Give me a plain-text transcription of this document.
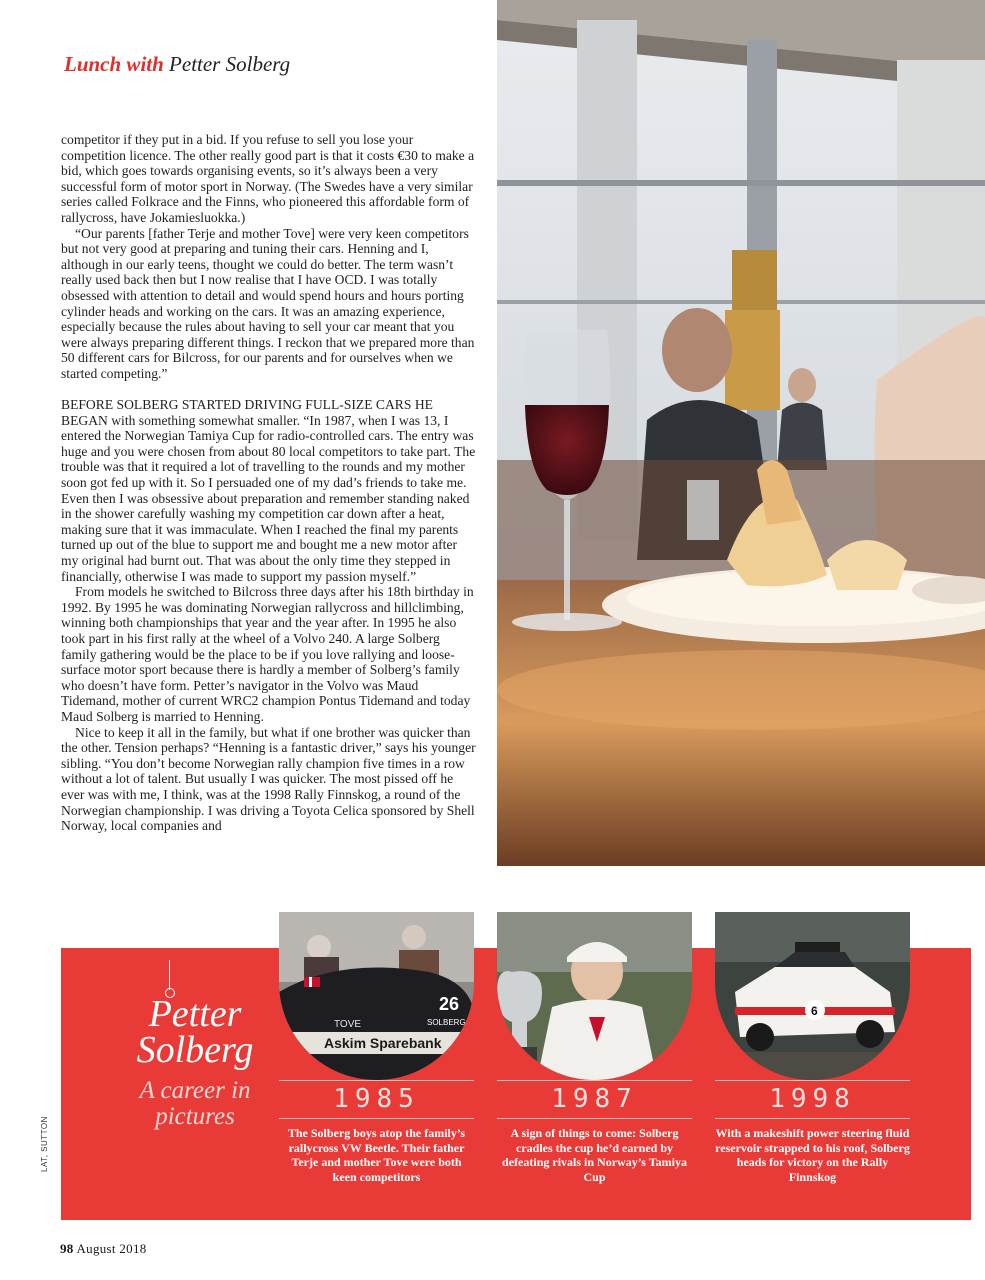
Lunch with Petter Solberg

competitor if they put in a bid. If you refuse to sell you lose your competition licence. The other really good part is that it costs €30 to make a bid, which goes towards organising events, so it’s always been a very successful form of motor sport in Norway. (The Swedes have a very similar series called Folkrace and the Finns, who pioneered this affordable form of rallycross, have Jokamiesluokka.)

“Our parents [father Terje and mother Tove] were very keen competitors but not very good at preparing and tuning their cars. Henning and I, although in our early teens, thought we could do better. The term wasn’t really used back then but I now realise that I have OCD. I was totally obsessed with attention to detail and would spend hours and hours porting cylinder heads and working on the cars. It was an amazing experience, especially because the rules about having to sell your car meant that you were always preparing different things. I reckon that we prepared more than 50 different cars for Bilcross, for our parents and for ourselves when we started competing.”

BEFORE SOLBERG STARTED DRIVING FULL-SIZE CARS HE BEGAN with something somewhat smaller. “In 1987, when I was 13, I entered the Norwegian Tamiya Cup for radio-controlled cars. The entry was huge and you were chosen from about 80 local competitors to take part. The trouble was that it required a lot of travelling to the rounds and my mother soon got fed up with it. So I persuaded one of my dad’s friends to take me. Even then I was obsessive about preparation and remember standing naked in the shower carefully washing my competition car down after a heat, making sure that it was immaculate. When I reached the final my parents turned up out of the blue to support me and bought me a new motor after my original had burnt out. That was about the only time they stepped in financially, otherwise I was made to support my passion myself.”

From models he switched to Bilcross three days after his 18th birthday in 1992. By 1995 he was dominating Norwegian rallycross and hillclimbing, winning both championships that year and the year after. In 1995 he also took part in his first rally at the wheel of a Volvo 240. A large Solberg family gathering would be the place to be if you love rallying and loose-surface motor sport because there is hardly a member of Solberg’s family who doesn’t have form. Petter’s navigator in the Volvo was Maud Tidemand, mother of current WRC2 champion Pontus Tidemand and today Maud Solberg is married to Henning.

Nice to keep it all in the family, but what if one brother was quicker than the other. Tension perhaps? “Henning is a fantastic driver,” says his younger sibling. “You don’t become Norwegian rally champion five times in a row without a lot of talent. But usually I was quicker. The most pissed off he ever was with me, I think, was at the 1998 Rally Finnskog, a round of the Norwegian championship. I was driving a Toyota Celica sponsored by Shell Norway, local companies and

Petter
Solberg
A career in
pictures
TOVE
26
SOLBERG
Askim Sparebank
1985
The Solberg boys atop the family’s rallycross VW Beetle. Their father Terje and mother Tove were both keen competitors
1987
A sign of things to come: Solberg cradles the cup he’d earned by defeating rivals in Norway’s Tamiya Cup
6
1998
With a makeshift power steering fluid reservoir strapped to his roof, Solberg heads for victory on the Rally Finnskog
LAT, SUTTON
98 August 2018
